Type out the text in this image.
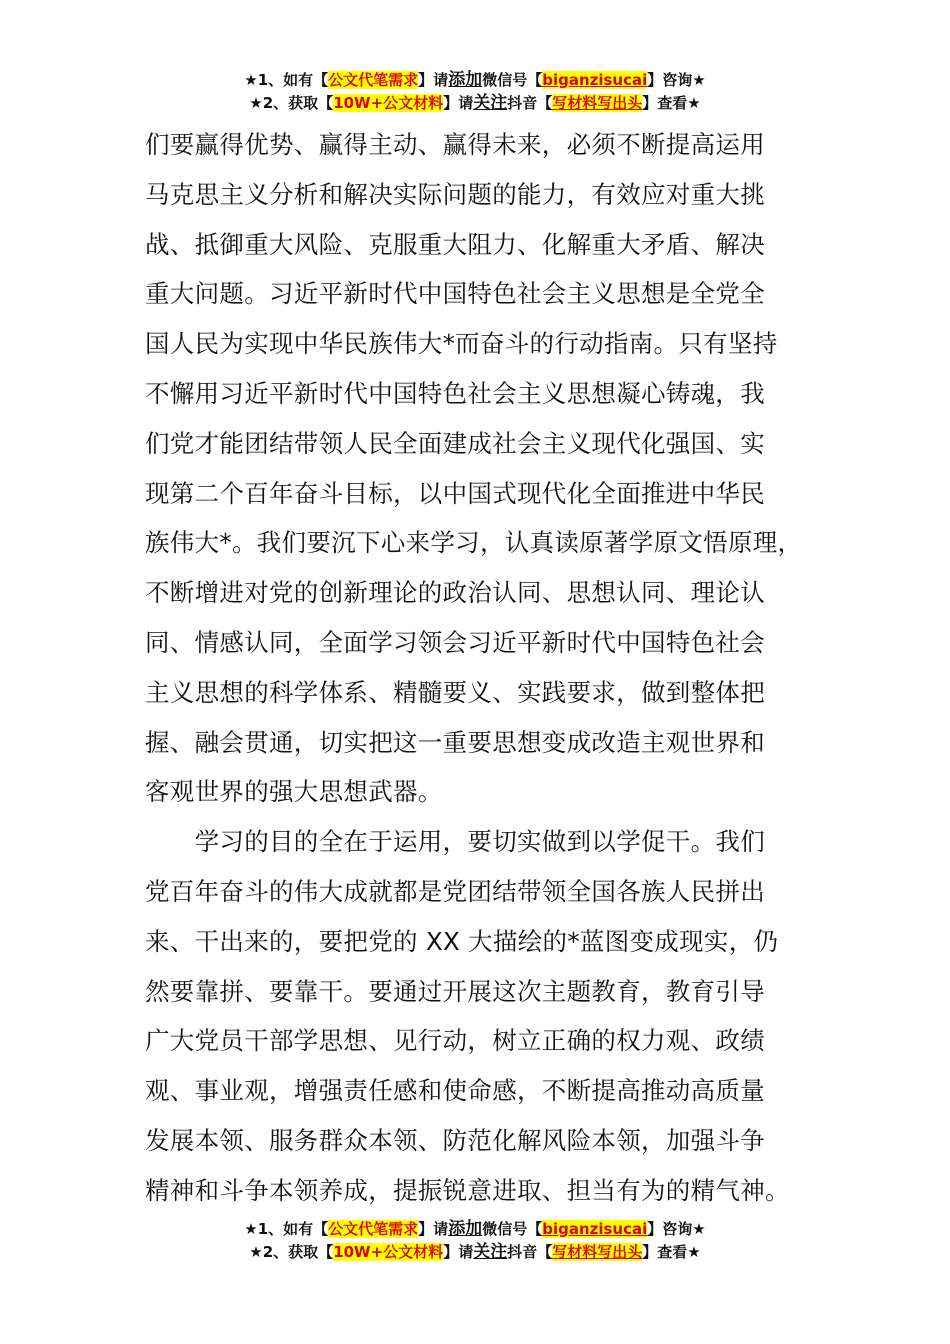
★1、如有【公文代笔需求】请添加微信号【biganzisucai】咨询★
★2、获取【10W+公文材料】请关注抖音【写材料写出头】查看★
们要赢得优势、赢得主动、赢得未来，必须不断提高运用
马克思主义分析和解决实际问题的能力，有效应对重大挑
战、抵御重大风险、克服重大阻力、化解重大矛盾、解决
重大问题。习近平新时代中国特色社会主义思想是全党全
国人民为实现中华民族伟大*而奋斗的行动指南。只有坚持
不懈用习近平新时代中国特色社会主义思想凝心铸魂，我
们党才能团结带领人民全面建成社会主义现代化强国、实
现第二个百年奋斗目标，以中国式现代化全面推进中华民
族伟大*。我们要沉下心来学习，认真读原著学原文悟原理，
不断增进对党的创新理论的政治认同、思想认同、理论认
同、情感认同，全面学习领会习近平新时代中国特色社会
主义思想的科学体系、精髓要义、实践要求，做到整体把
握、融会贯通，切实把这一重要思想变成改造主观世界和
客观世界的强大思想武器。
　　学习的目的全在于运用，要切实做到以学促干。我们
党百年奋斗的伟大成就都是党团结带领全国各族人民拼出
来、干出来的，要把党的 XX 大描绘的*蓝图变成现实，仍
然要靠拼、要靠干。要通过开展这次主题教育，教育引导
广大党员干部学思想、见行动，树立正确的权力观、政绩
观、事业观，增强责任感和使命感，不断提高推动高质量
发展本领、服务群众本领、防范化解风险本领，加强斗争
精神和斗争本领养成，提振锐意进取、担当有为的精气神。
★1、如有【公文代笔需求】请添加微信号【biganzisucai】咨询★
★2、获取【10W+公文材料】请关注抖音【写材料写出头】查看★
